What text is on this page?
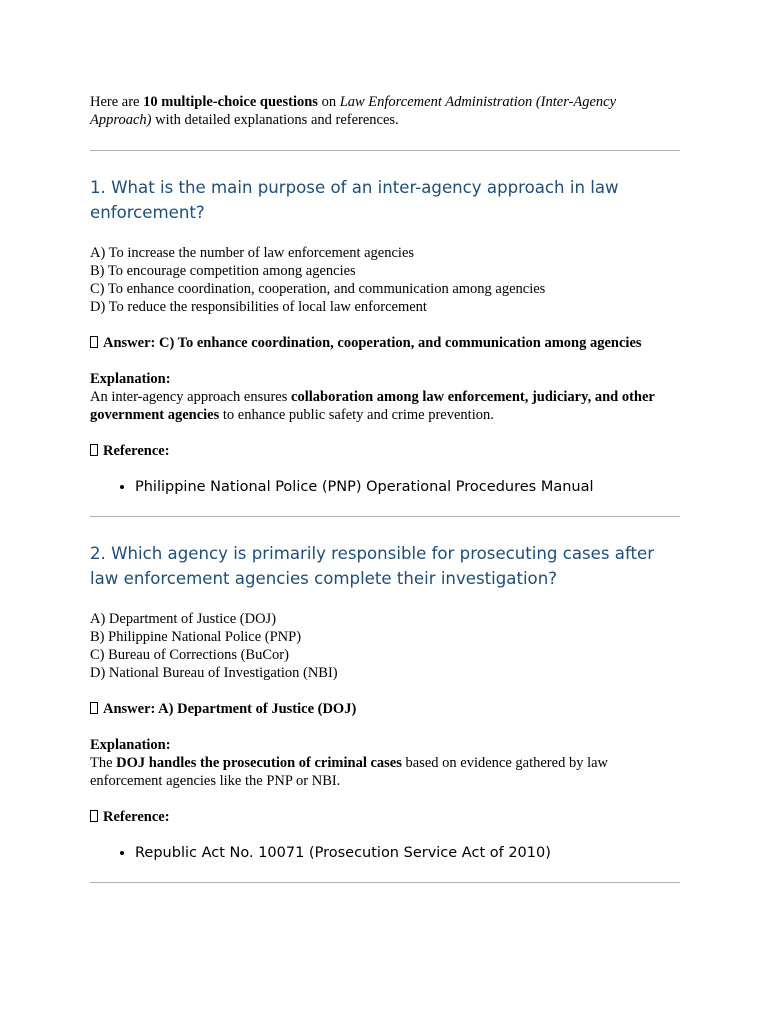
Here are 10 multiple-choice questions on Law Enforcement Administration (Inter-Agency Approach) with detailed explanations and references.

1. What is the main purpose of an inter-agency approach in law enforcement?

A) To increase the number of law enforcement agencies

B) To encourage competition among agencies

C) To enhance coordination, cooperation, and communication among agencies

D) To reduce the responsibilities of local law enforcement

Answer: C) To enhance coordination, cooperation, and communication among agencies

Explanation:
An inter-agency approach ensures collaboration among law enforcement, judiciary, and other government agencies to enhance public safety and crime prevention.

Reference:

• Philippine National Police (PNP) Operational Procedures Manual
2. Which agency is primarily responsible for prosecuting cases after law enforcement agencies complete their investigation?

A) Department of Justice (DOJ)

B) Philippine National Police (PNP)

C) Bureau of Corrections (BuCor)

D) National Bureau of Investigation (NBI)

Answer: A) Department of Justice (DOJ)

Explanation:
The DOJ handles the prosecution of criminal cases based on evidence gathered by law enforcement agencies like the PNP or NBI.

Reference:

• Republic Act No. 10071 (Prosecution Service Act of 2010)
